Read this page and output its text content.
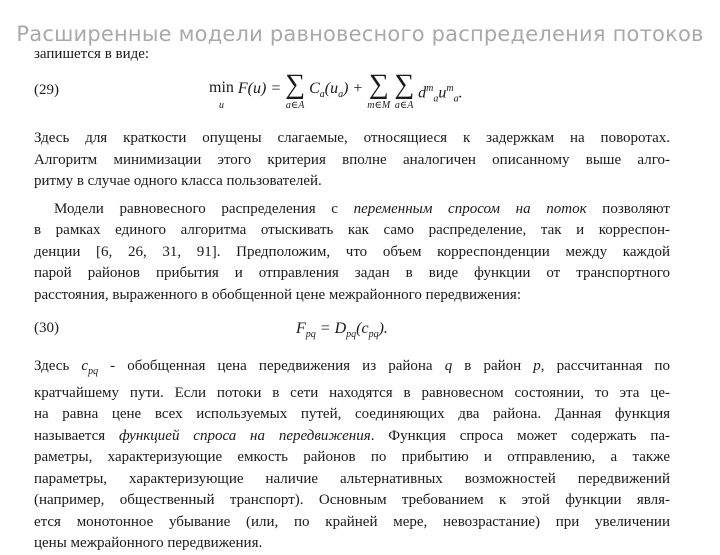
Расширенные модели равновесного распределения потоков
запишется в виде:
(29)	min
u
F(u) = ∑
a∈A
$C_a(u_a)$ + ∑
m∈M

∑
a∈A
$d^m_au^m_a$.
Здесь для краткости опущены слагаемые, относящиеся к задержкам на поворотах.
Алгоритм минимизации этого критерия вполне аналогичен описанному выше алго-
ритму в случае одного класса пользователей.
Модели равновесного распределения с переменным спросом на поток позволяют
в рамках единого алгоритма отыскивать как само распределение, так и корреспон-
денции [6, 26, 31, 91]. Предположим, что объем корреспонденции между каждой
парой районов прибытия и отправления задан в виде функции от транспортного
расстояния, выраженного в обобщенной цене межрайонного передвижения:
(30)	$F_{pq} = D_{pq}(c_{pq})$.
Здесь $c_{pq}$ - обобщенная цена передвижения из района q в район p, рассчитанная по
кратчайшему пути. Если потоки в сети находятся в равновесном состоянии, то эта це-
на равна цене всех используемых путей, соединяющих два района. Данная функция
называется функцией спроса на передвижения. Функция спроса может содержать па-
раметры, характеризующие емкость районов по прибытию и отправлению, а также
параметры, характеризующие наличие альтернативных возможностей передвижений
(например, общественный транспорт). Основным требованием к этой функции явля-
ется монотонное убывание (или, по крайней мере, невозрастание) при увеличении
цены межрайонного передвижения.
